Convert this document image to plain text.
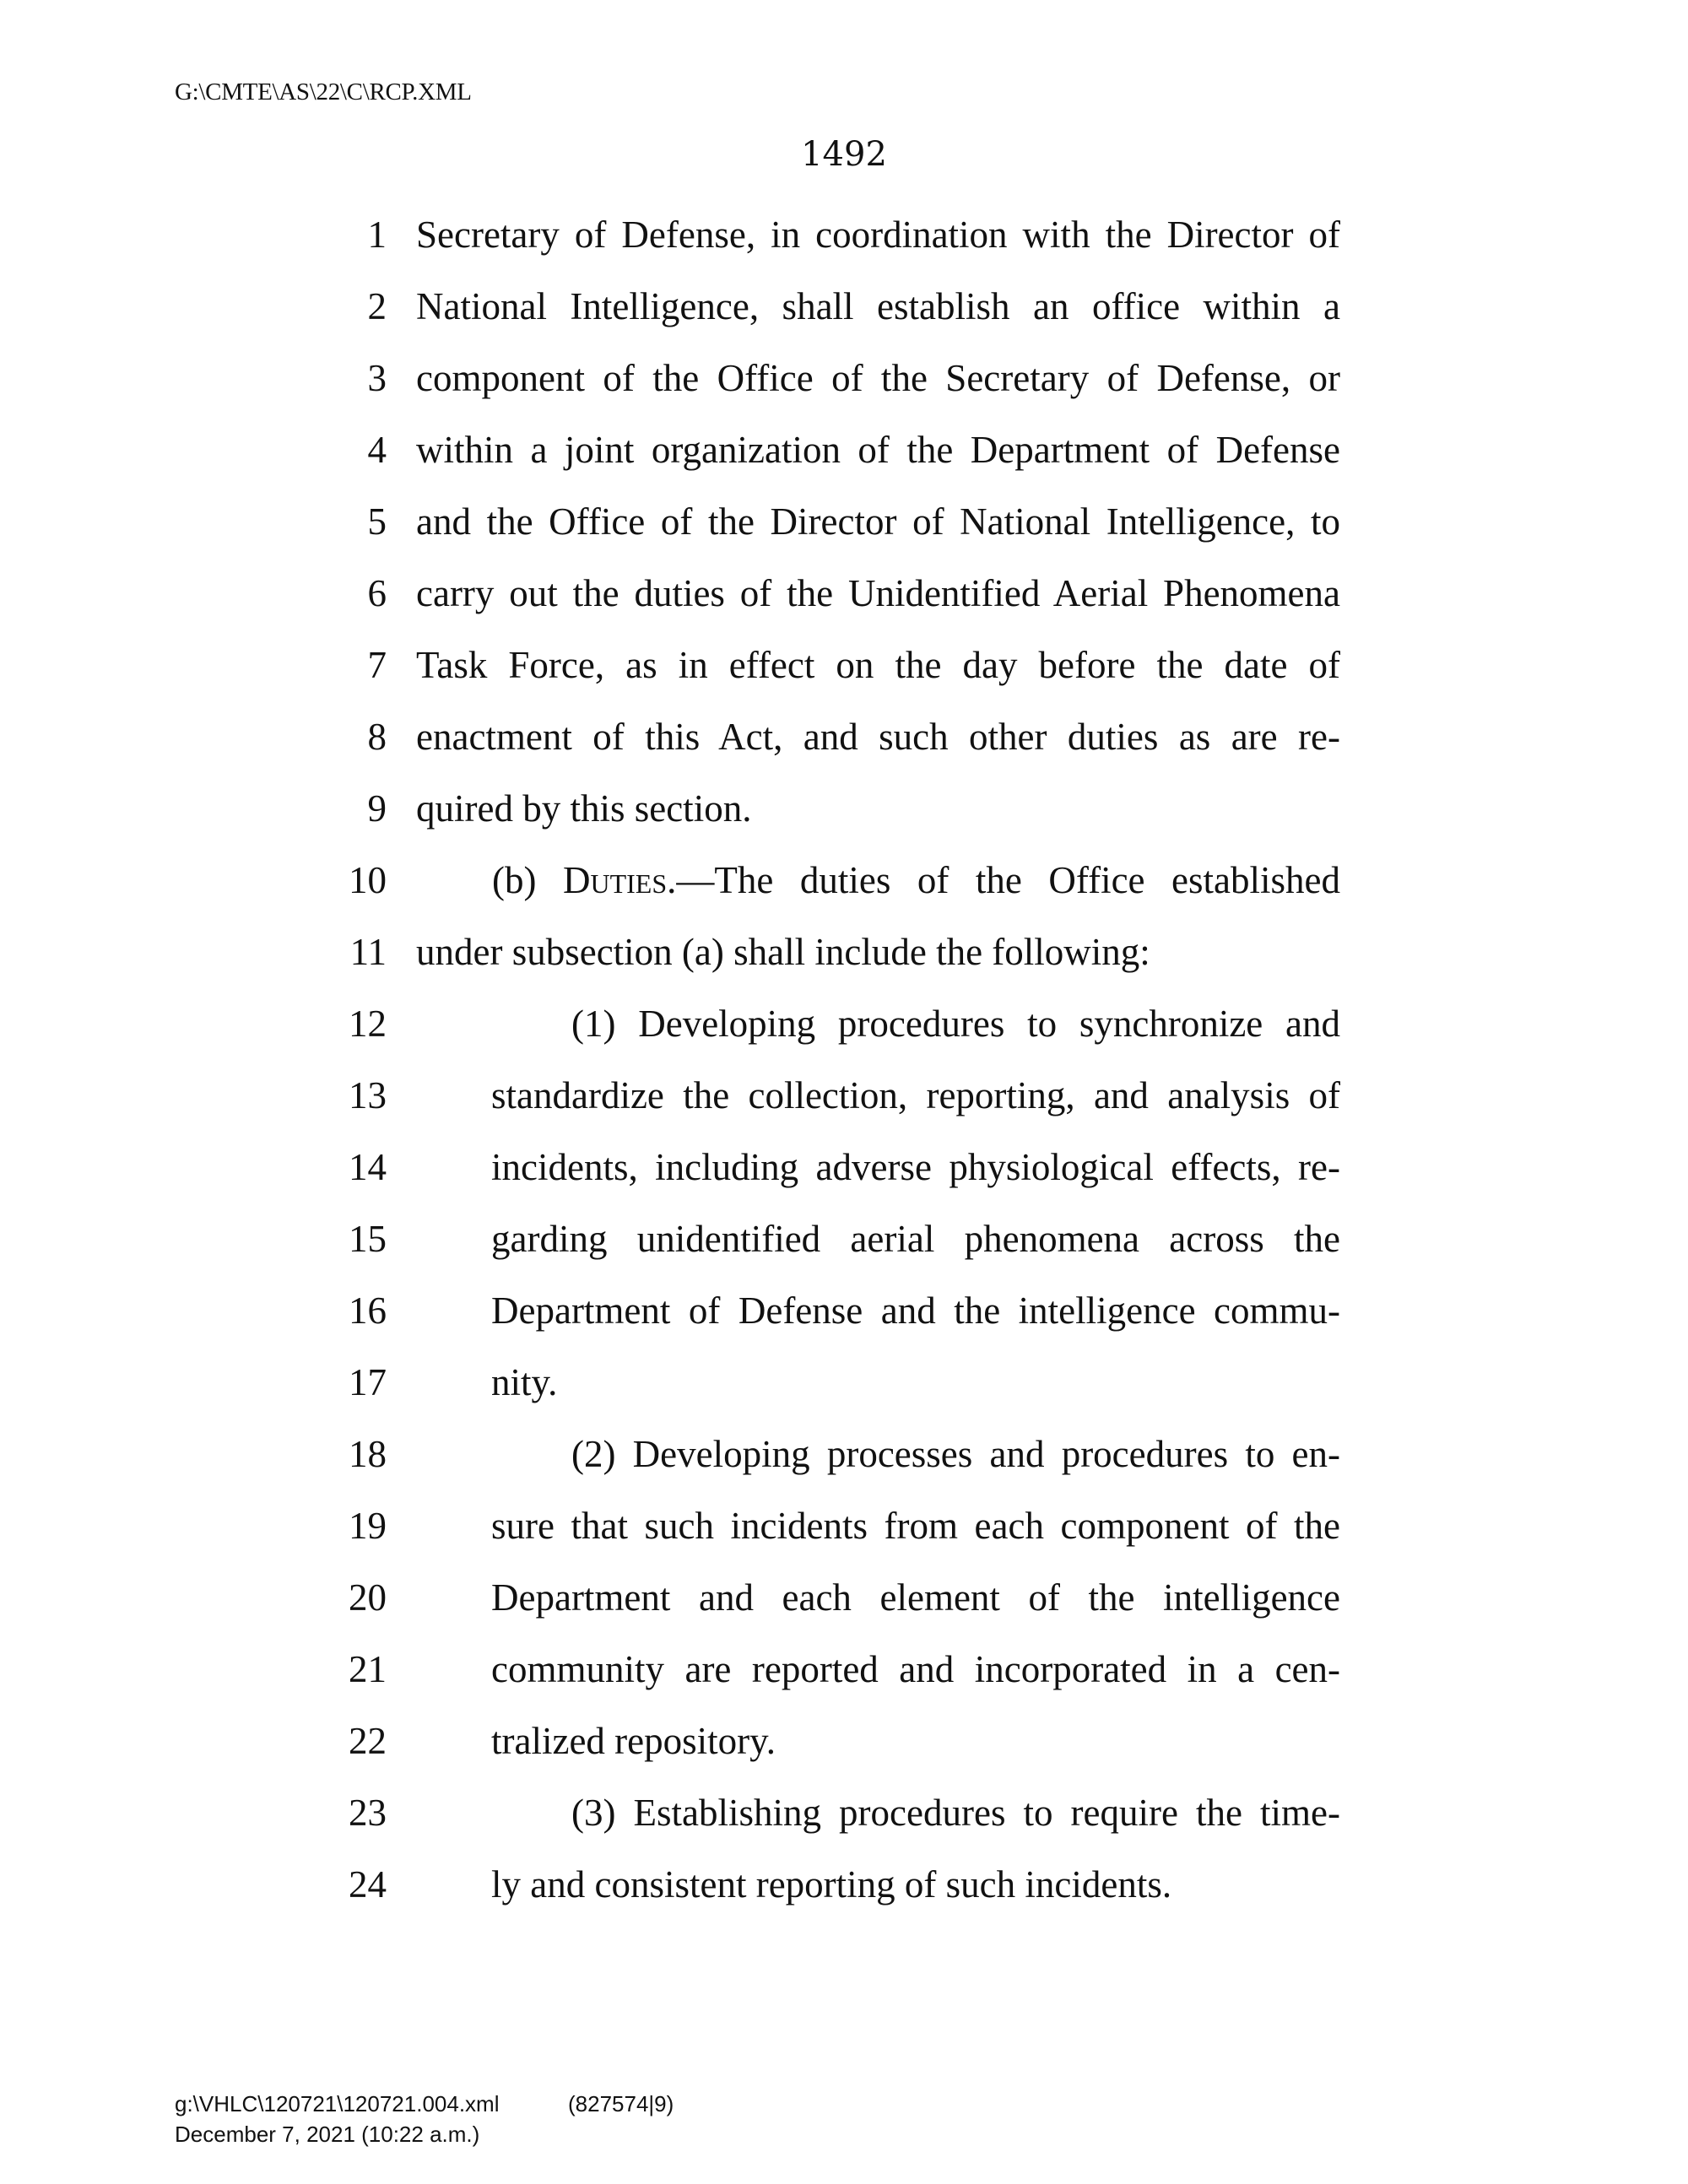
G:\CMTE\AS\22\C\RCP.XML
1492
1 Secretary of Defense, in coordination with the Director of
2 National Intelligence, shall establish an office within a
3 component of the Office of the Secretary of Defense, or
4 within a joint organization of the Department of Defense
5 and the Office of the Director of National Intelligence, to
6 carry out the duties of the Unidentified Aerial Phenomena
7 Task Force, as in effect on the day before the date of
8 enactment of this Act, and such other duties as are re-
9 quired by this section.
10	(b) Duties.—The duties of the Office established
11 under subsection (a) shall include the following:
12	(1) Developing procedures to synchronize and
13	standardize the collection, reporting, and analysis of
14	incidents, including adverse physiological effects, re-
15	garding unidentified aerial phenomena across the
16	Department of Defense and the intelligence commu-
17	nity.
18	(2) Developing processes and procedures to en-
19	sure that such incidents from each component of the
20	Department and each element of the intelligence
21	community are reported and incorporated in a cen-
22	tralized repository.
23	(3) Establishing procedures to require the time-
24	ly and consistent reporting of such incidents.
g:\VHLC\120721\120721.004.xml	(827574|9)
December 7, 2021 (10:22 a.m.)
